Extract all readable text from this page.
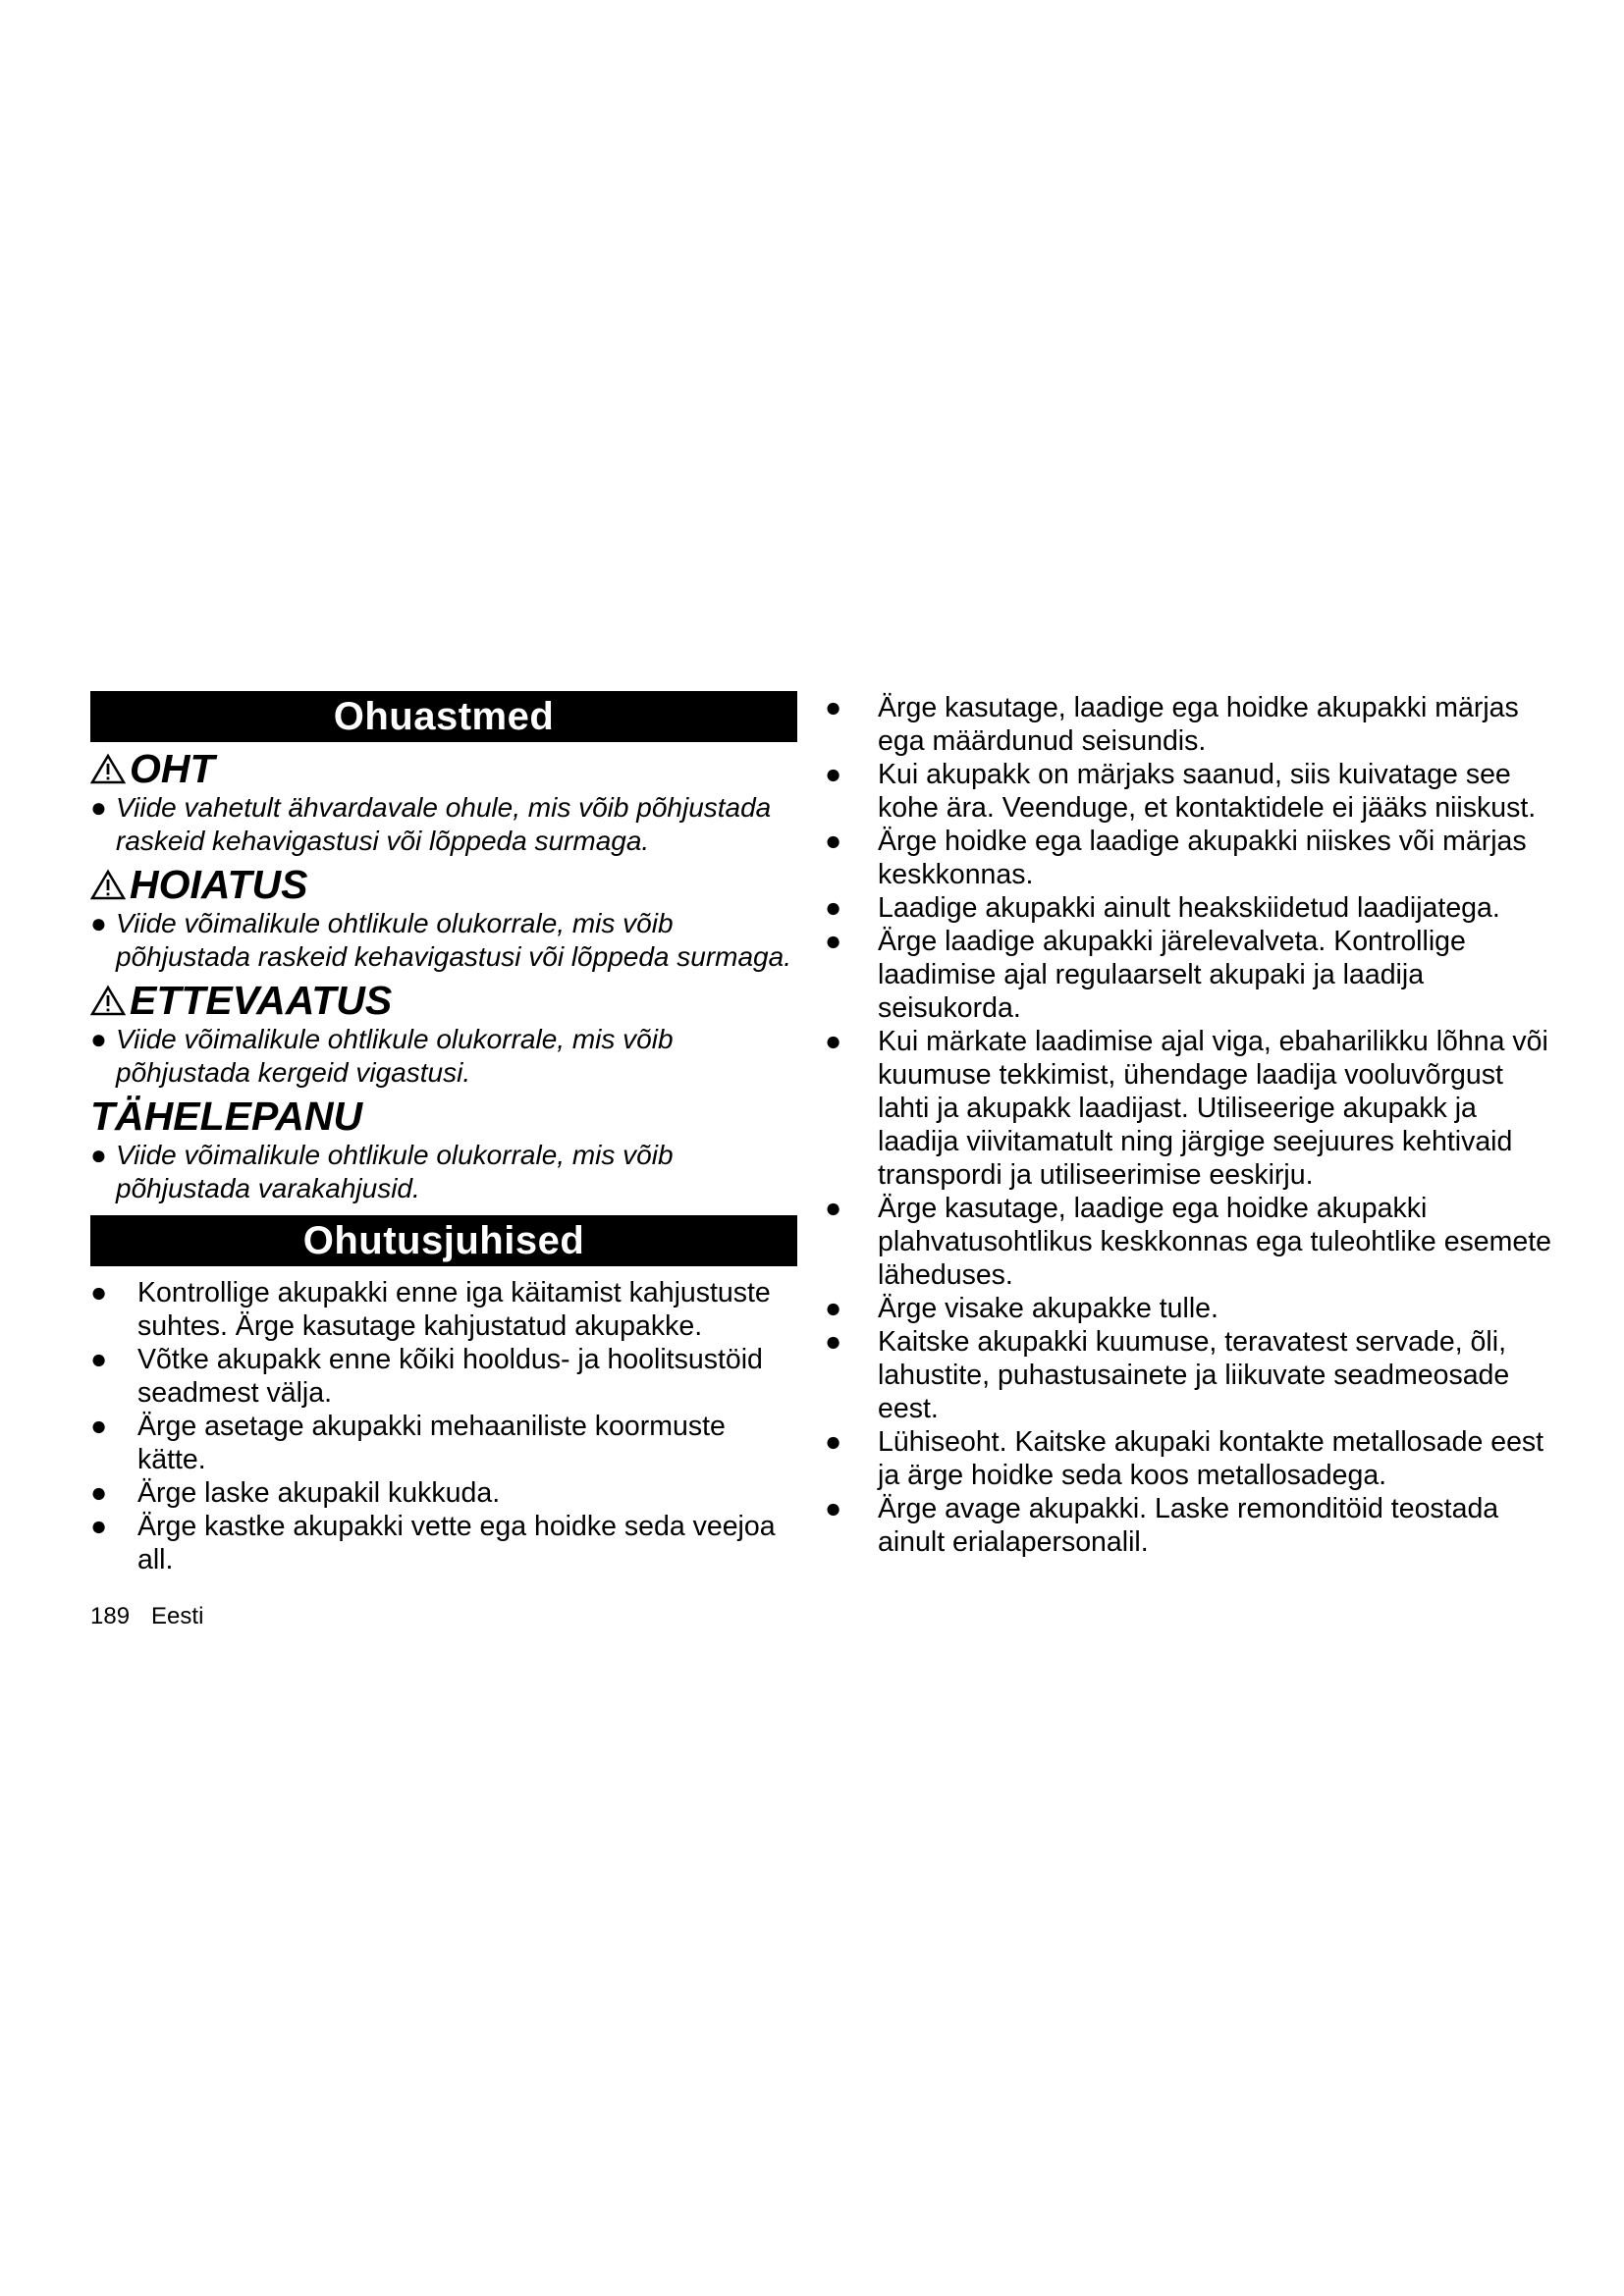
Ohuastmed
OHT
● Viide vahetult ähvardavale ohule, mis võib põhjustada raskeid kehavigastusi või lõppeda surmaga.
HOIATUS
● Viide võimalikule ohtlikule olukorrale, mis võib põhjustada raskeid kehavigastusi või lõppeda surmaga.
ETTEVAATUS
● Viide võimalikule ohtlikule olukorrale, mis võib põhjustada kergeid vigastusi.
TÄHELEPANU
● Viide võimalikule ohtlikule olukorrale, mis võib põhjustada varakahjusid.
Ohutusjuhised
● Kontrollige akupakki enne iga käitamist kahjustuste suhtes. Ärge kasutage kahjustatud akupakke.
● Võtke akupakk enne kõiki hooldus- ja hoolitsustöid seadmest välja.
● Ärge asetage akupakki mehaaniliste koormuste kätte.
● Ärge laske akupakil kukkuda.
● Ärge kastke akupakki vette ega hoidke seda veejoa all.
● Ärge kasutage, laadige ega hoidke akupakki märjas ega määrdunud seisundis.
● Kui akupakk on märjaks saanud, siis kuivatage see kohe ära. Veenduge, et kontaktidele ei jääks niiskust.
● Ärge hoidke ega laadige akupakki niiskes või märjas keskkonnas.
● Laadige akupakki ainult heakskiidetud laadijatega.
● Ärge laadige akupakki järelevalveta. Kontrollige laadimise ajal regulaarselt akupaki ja laadija seisukorda.
● Kui märkate laadimise ajal viga, ebaharilikku lõhna või kuumuse tekkimist, ühendage laadija vooluvõrgust lahti ja akupakk laadijast. Utiliseerige akupakk ja laadija viivitamatult ning järgige seejuures kehtivaid transpordi ja utiliseerimise eeskirju.
● Ärge kasutage, laadige ega hoidke akupakki plahvatusohtlikus keskkonnas ega tuleohtlike esemete läheduses.
● Ärge visake akupakke tulle.
● Kaitske akupakki kuumuse, teravatest servade, õli, lahustite, puhastusainete ja liikuvate seadmeosade eest.
● Lühiseoht. Kaitske akupaki kontakte metallosade eest ja ärge hoidke seda koos metallosadega.
● Ärge avage akupakki. Laske remonditöid teostada ainult erialapersonalil.
189 Eesti
